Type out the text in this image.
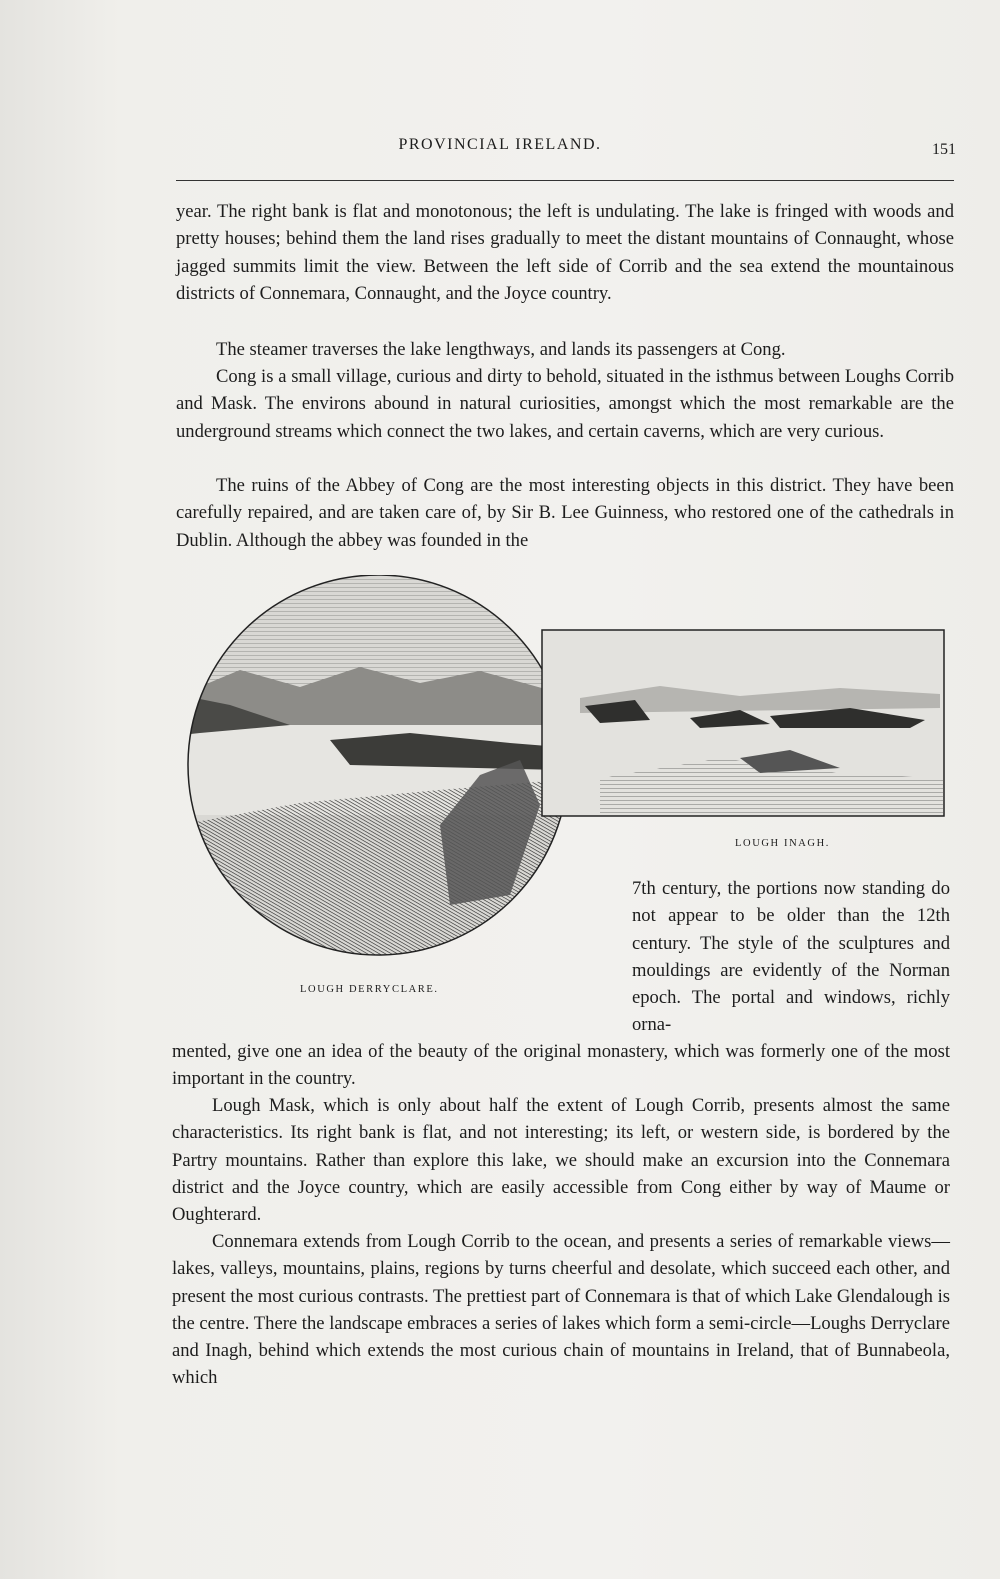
PROVINCIAL IRELAND.	151

year. The right bank is flat and monotonous; the left is undulating. The lake is fringed with woods and pretty houses; behind them the land rises gradually to meet the distant mountains of Connaught, whose jagged summits limit the view. Between the left side of Corrib and the sea extend the mountainous districts of Connemara, Connaught, and the Joyce country.

The steamer traverses the lake lengthways, and lands its passengers at Cong.

Cong is a small village, curious and dirty to behold, situated in the isthmus between Loughs Corrib and Mask. The environs abound in natural curiosities, amongst which the most remarkable are the underground streams which connect the two lakes, and certain caverns, which are very curious.

The ruins of the Abbey of Cong are the most interesting objects in this district. They have been carefully repaired, and are taken care of, by Sir B. Lee Guinness, who restored one of the cathedrals in Dublin. Although the abbey was founded in the

LOUGH INAGH.
LOUGH DERRYCLARE.

7th century, the portions now standing do not appear to be older than the 12th century. The style of the sculptures and mouldings are evidently of the Norman epoch. The portal and windows, richly orna-

mented, give one an idea of the beauty of the original monastery, which was formerly one of the most important in the country.

Lough Mask, which is only about half the extent of Lough Corrib, presents almost the same characteristics. Its right bank is flat, and not interesting; its left, or western side, is bordered by the Partry mountains. Rather than explore this lake, we should make an excursion into the Connemara district and the Joyce country, which are easily accessible from Cong either by way of Maume or Oughterard.

Connemara extends from Lough Corrib to the ocean, and presents a series of remarkable views—lakes, valleys, mountains, plains, regions by turns cheerful and desolate, which succeed each other, and present the most curious contrasts. The prettiest part of Connemara is that of which Lake Glendalough is the centre. There the landscape embraces a series of lakes which form a semi-circle—Loughs Derryclare and Inagh, behind which extends the most curious chain of mountains in Ireland, that of Bunnabeola, which
